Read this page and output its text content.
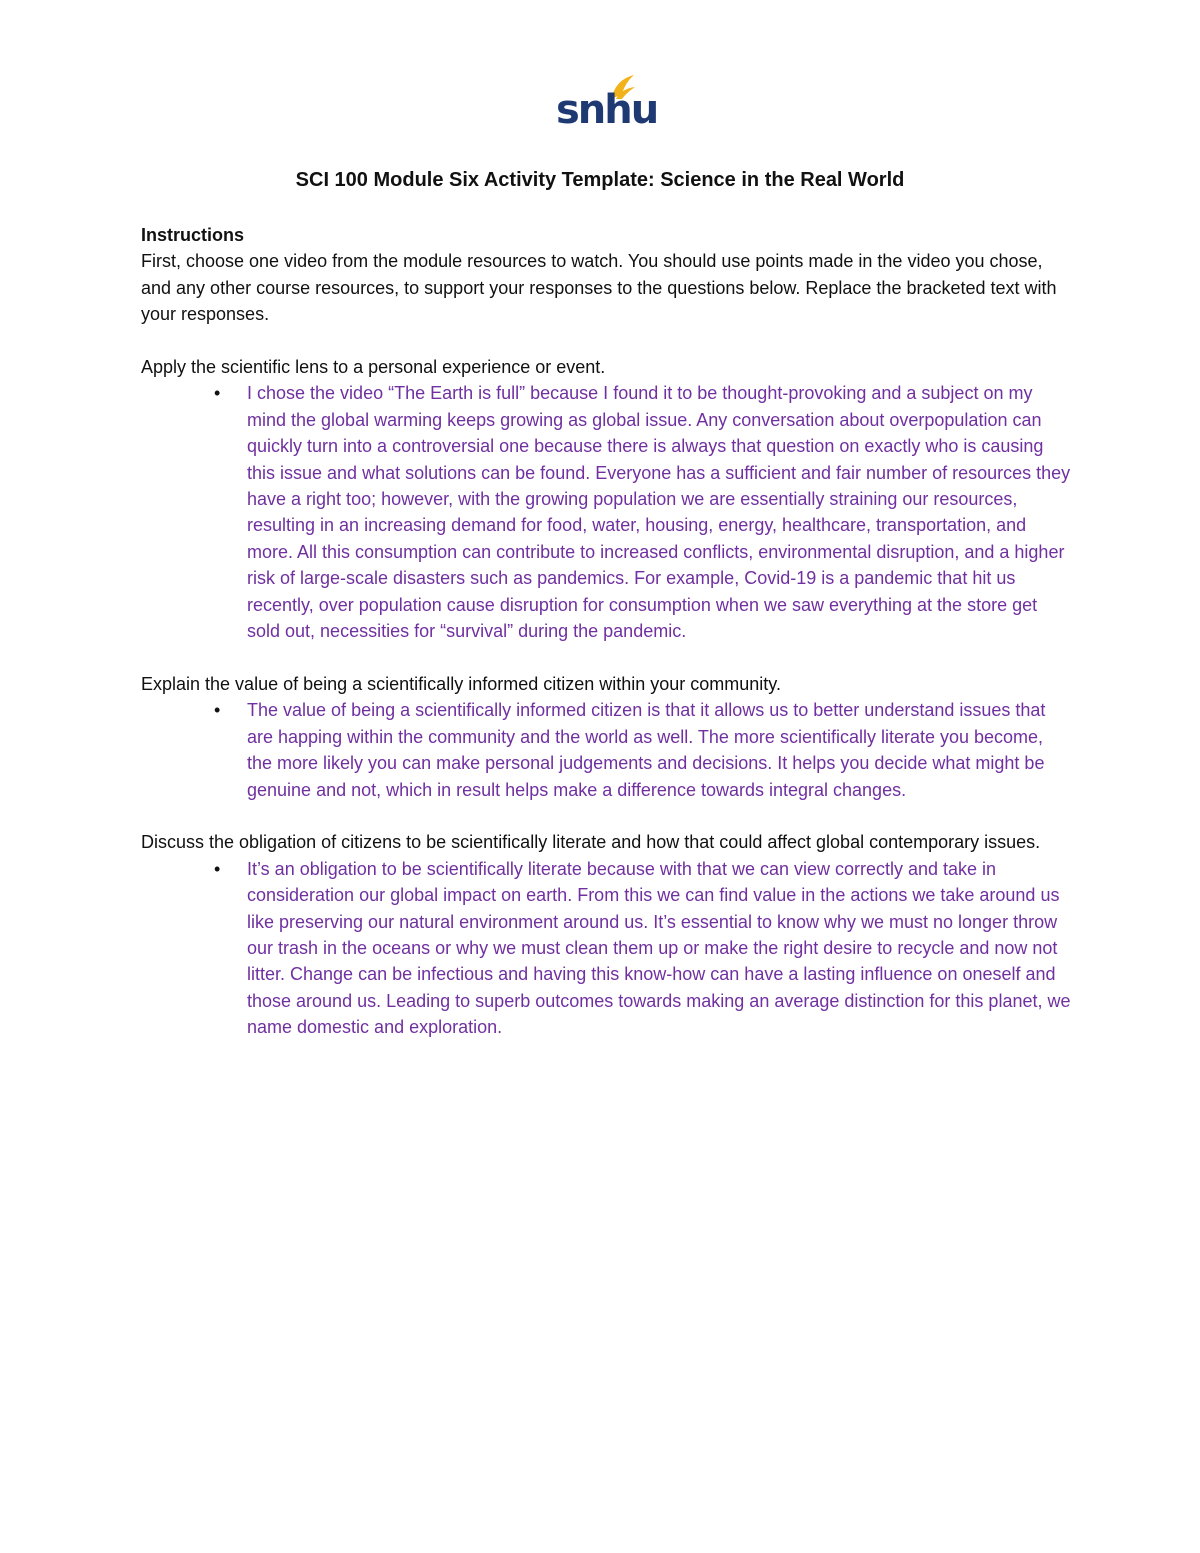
snhu
SCI 100 Module Six Activity Template: Science in the Real World

Instructions

First, choose one video from the module resources to watch. You should use points made in the video you chose, and any other course resources, to support your responses to the questions below. Replace the bracketed text with your responses.

Apply the scientific lens to a personal experience or event.

• I chose the video “The Earth is full” because I found it to be thought-provoking and a subject on my mind the global warming keeps growing as global issue. Any conversation about overpopulation can quickly turn into a controversial one because there is always that question on exactly who is causing this issue and what solutions can be found. Everyone has a sufficient and fair number of resources they have a right too; however, with the growing population we are essentially straining our resources, resulting in an increasing demand for food, water, housing, energy, healthcare, transportation, and more. All this consumption can contribute to increased conflicts, environmental disruption, and a higher risk of large-scale disasters such as pandemics. For example, Covid-19 is a pandemic that hit us recently, over population cause disruption for consumption when we saw everything at the store get sold out, necessities for “survival” during the pandemic.

Explain the value of being a scientifically informed citizen within your community.

• The value of being a scientifically informed citizen is that it allows us to better understand issues that are happing within the community and the world as well. The more scientifically literate you become, the more likely you can make personal judgements and decisions. It helps you decide what might be genuine and not, which in result helps make a difference towards integral changes.

Discuss the obligation of citizens to be scientifically literate and how that could affect global contemporary issues.

• It’s an obligation to be scientifically literate because with that we can view correctly and take in consideration our global impact on earth. From this we can find value in the actions we take around us like preserving our natural environment around us. It’s essential to know why we must no longer throw our trash in the oceans or why we must clean them up or make the right desire to recycle and now not litter. Change can be infectious and having this know-how can have a lasting influence on oneself and those around us. Leading to superb outcomes towards making an average distinction for this planet, we name domestic and exploration.
